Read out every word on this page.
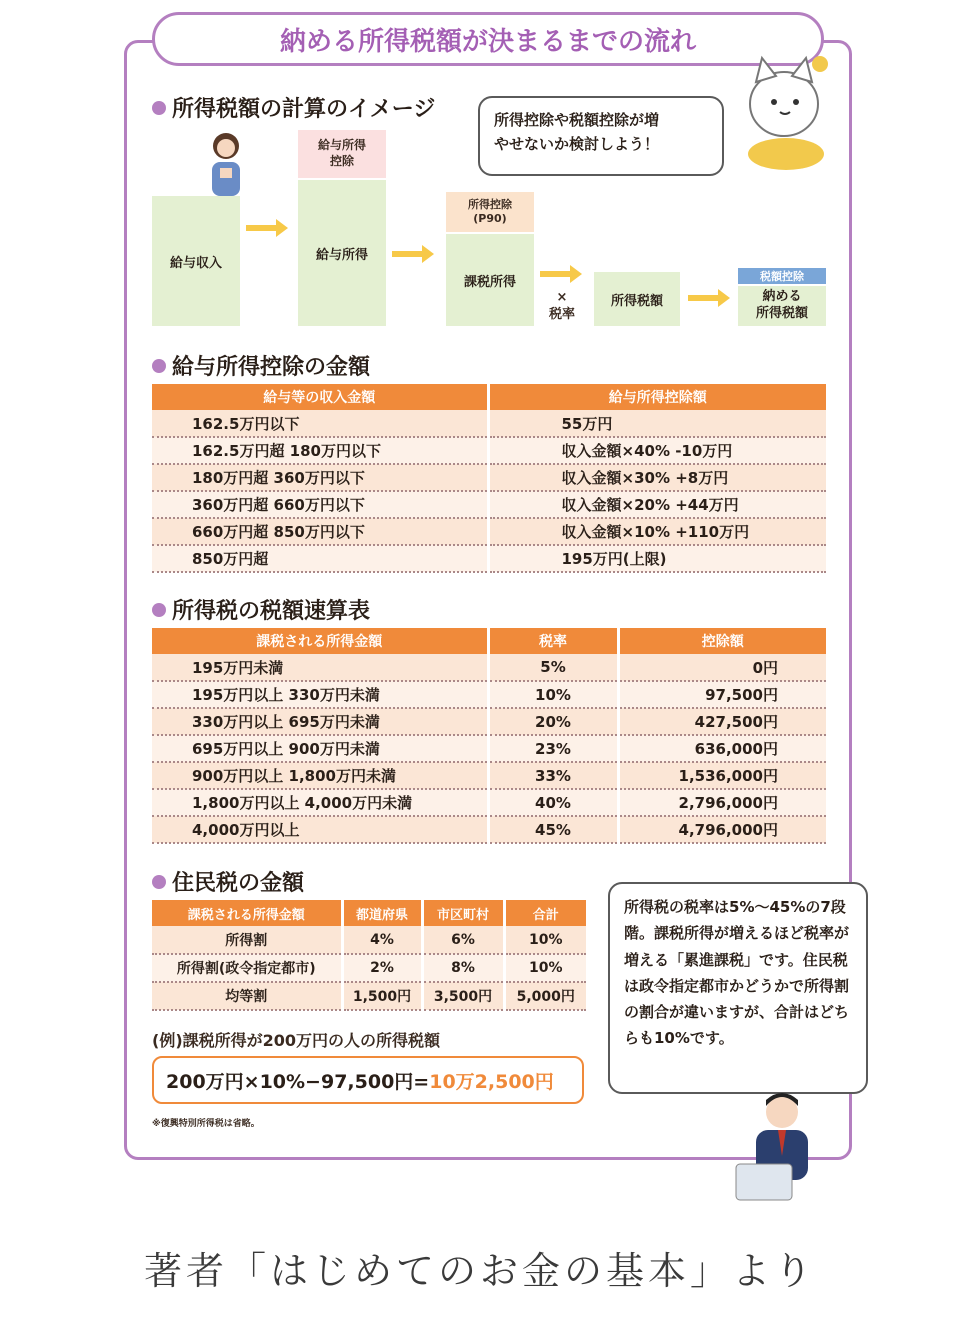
納める所得税額が決まるまでの流れ
所得税額の計算のイメージ
給与収入
給与所得
控除
給与所得
所得控除
(P90)
課税所得
×
税率
所得税額
税額控除
納める
所得税額
所得控除や税額控除が増
やせないか検討しよう！
給与所得控除の金額
給与等の収入金額	給与所得控除額
162.5万円以下	55万円
162.5万円超 180万円以下	収入金額×40% -10万円
180万円超 360万円以下	収入金額×30% +8万円
360万円超 660万円以下	収入金額×20% +44万円
660万円超 850万円以下	収入金額×10% +110万円
850万円超	195万円(上限)
所得税の税額速算表
課税される所得金額	税率	控除額
195万円未満	5%	0円
195万円以上 330万円未満	10%	97,500円
330万円以上 695万円未満	20%	427,500円
695万円以上 900万円未満	23%	636,000円
900万円以上 1,800万円未満	33%	1,536,000円
1,800万円以上 4,000万円未満	40%	2,796,000円
4,000万円以上	45%	4,796,000円
住民税の金額
課税される所得金額	都道府県	市区町村	合計
所得割	4%	6%	10%
所得割(政令指定都市)	2%	8%	10%
均等割	1,500円	3,500円	5,000円
(例)課税所得が200万円の人の所得税額
200万円×10%−97,500円= 10万2,500円
※復興特別所得税は省略。
所得税の税率は5%〜45%の7段階。課税所得が増えるほど税率が増える「累進課税」です。住民税は政令指定都市かどうかで所得割の割合が違いますが、合計はどちらも10%です。
著者「はじめてのお金の基本」より
